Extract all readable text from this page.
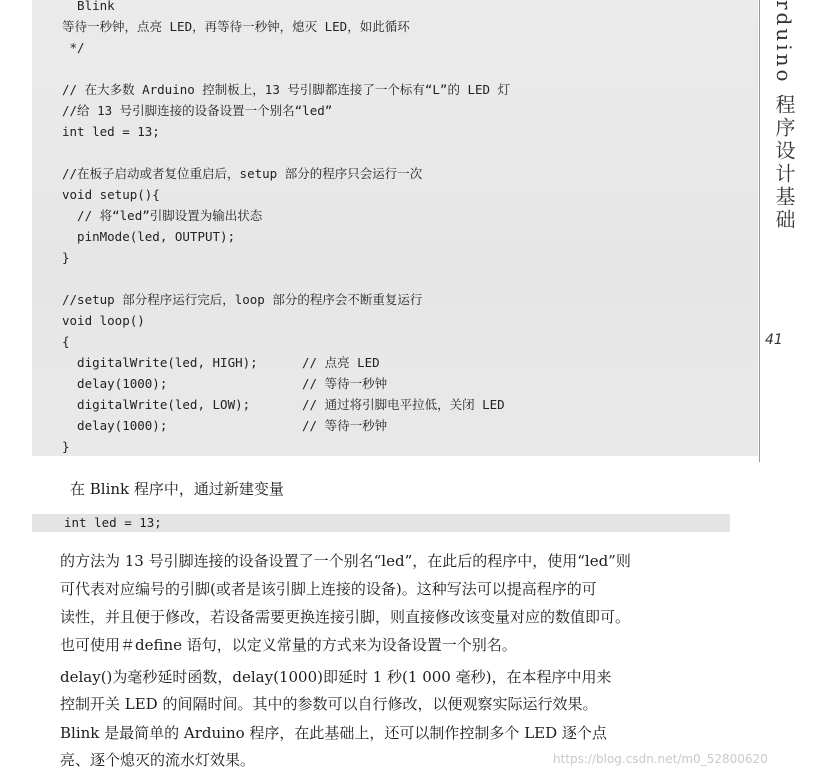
Blink
等待一秒钟，点亮 LED，再等待一秒钟，熄灭 LED，如此循环
*/
// 在大多数 Arduino 控制板上，13 号引脚都连接了一个标有“L”的 LED 灯
//给 13 号引脚连接的设备设置一个别名“led”
int led = 13;
//在板子启动或者复位重启后，setup 部分的程序只会运行一次
void setup(){
// 将“led”引脚设置为输出状态
pinMode(led, OUTPUT);
}
//setup 部分程序运行完后，loop 部分的程序会不断重复运行
void loop()
{
digitalWrite(led, HIGH);
delay(1000);
digitalWrite(led, LOW);
delay(1000);
}
// 点亮 LED
// 等待一秒钟
// 通过将引脚电平拉低，关闭 LED
// 等待一秒钟
rduino 程序设计基础
41
在 Blink 程序中，通过新建变量
int led = 13;
的方法为 13 号引脚连接的设备设置了一个别名“led”，在此后的程序中，使用“led”则
可代表对应编号的引脚(或者是该引脚上连接的设备)。这种写法可以提高程序的可
读性，并且便于修改，若设备需要更换连接引脚，则直接修改该变量对应的数值即可。
也可使用＃define 语句，以定义常量的方式来为设备设置一个别名。
delay()为毫秒延时函数，delay(1000)即延时 1 秒(1 000 毫秒)，在本程序中用来
控制开关 LED 的间隔时间。其中的参数可以自行修改，以便观察实际运行效果。
Blink 是最简单的 Arduino 程序，在此基础上，还可以制作控制多个 LED 逐个点
亮、逐个熄灭的流水灯效果。	https://blog.csdn.net/m0_52800620
